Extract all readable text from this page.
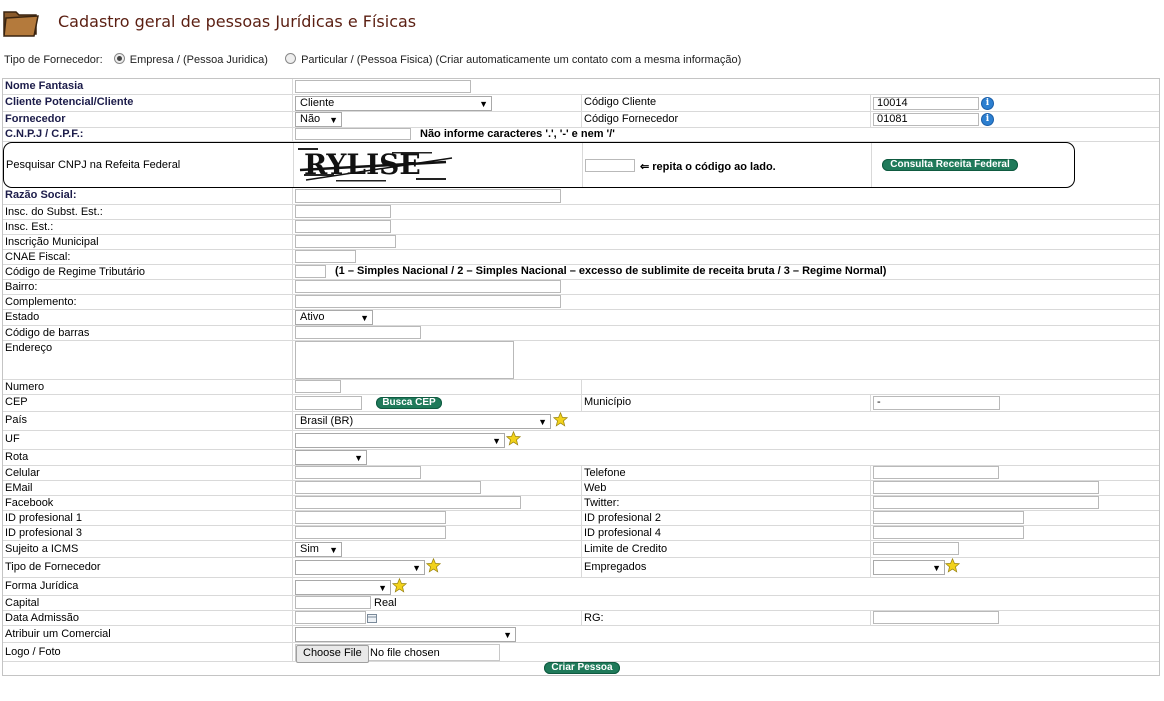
Cadastro geral de pessoas Jurídicas e Físicas
Tipo de Fornecedor: Empresa / (Pessoa Juridica)	Particular / (Pessoa Fisica) (Criar automaticamente um contato com a mesma informação)
Nome Fantasia
Cliente Potencial/Cliente	Cliente	▼	Código Cliente	10014	i
Fornecedor	Não ▼	Código Fornecedor	01081	i
C.N.P.J / C.P.F.:	Não informe caracteres '.', '-' e nem '/'
Pesquisar CNPJ na Refeita Federal	RYLISE	⇐ repita o código ao lado.	Consulta Receita Federal
Razão Social:
Insc. do Subst. Est.:
Insc. Est.:
Inscrição Municipal
CNAE Fiscal:
Código de Regime Tributário	(1 – Simples Nacional / 2 – Simples Nacional – excesso de sublimite de receita bruta / 3 – Regime Normal)
Bairro:
Complemento:
Estado	Ativo	▼
Código de barras
Endereço
Numero
CEP	Busca CEP	Município	-
País	Brasil (BR)	▼
UF	▼
Rota	▼
Celular	Telefone
EMail	Web
Facebook	Twitter:
ID profesional 1	ID profesional 2
ID profesional 3	ID profesional 4
Sujeito a ICMS	Sim ▼	Limite de Credito
Tipo de Fornecedor	▼	Empregados	▼
Forma Jurídica	▼
Capital	Real
Data Admissão	RG:
Atribuir um Comercial	▼
Logo / Foto	Choose File No file chosen
Criar Pessoa
